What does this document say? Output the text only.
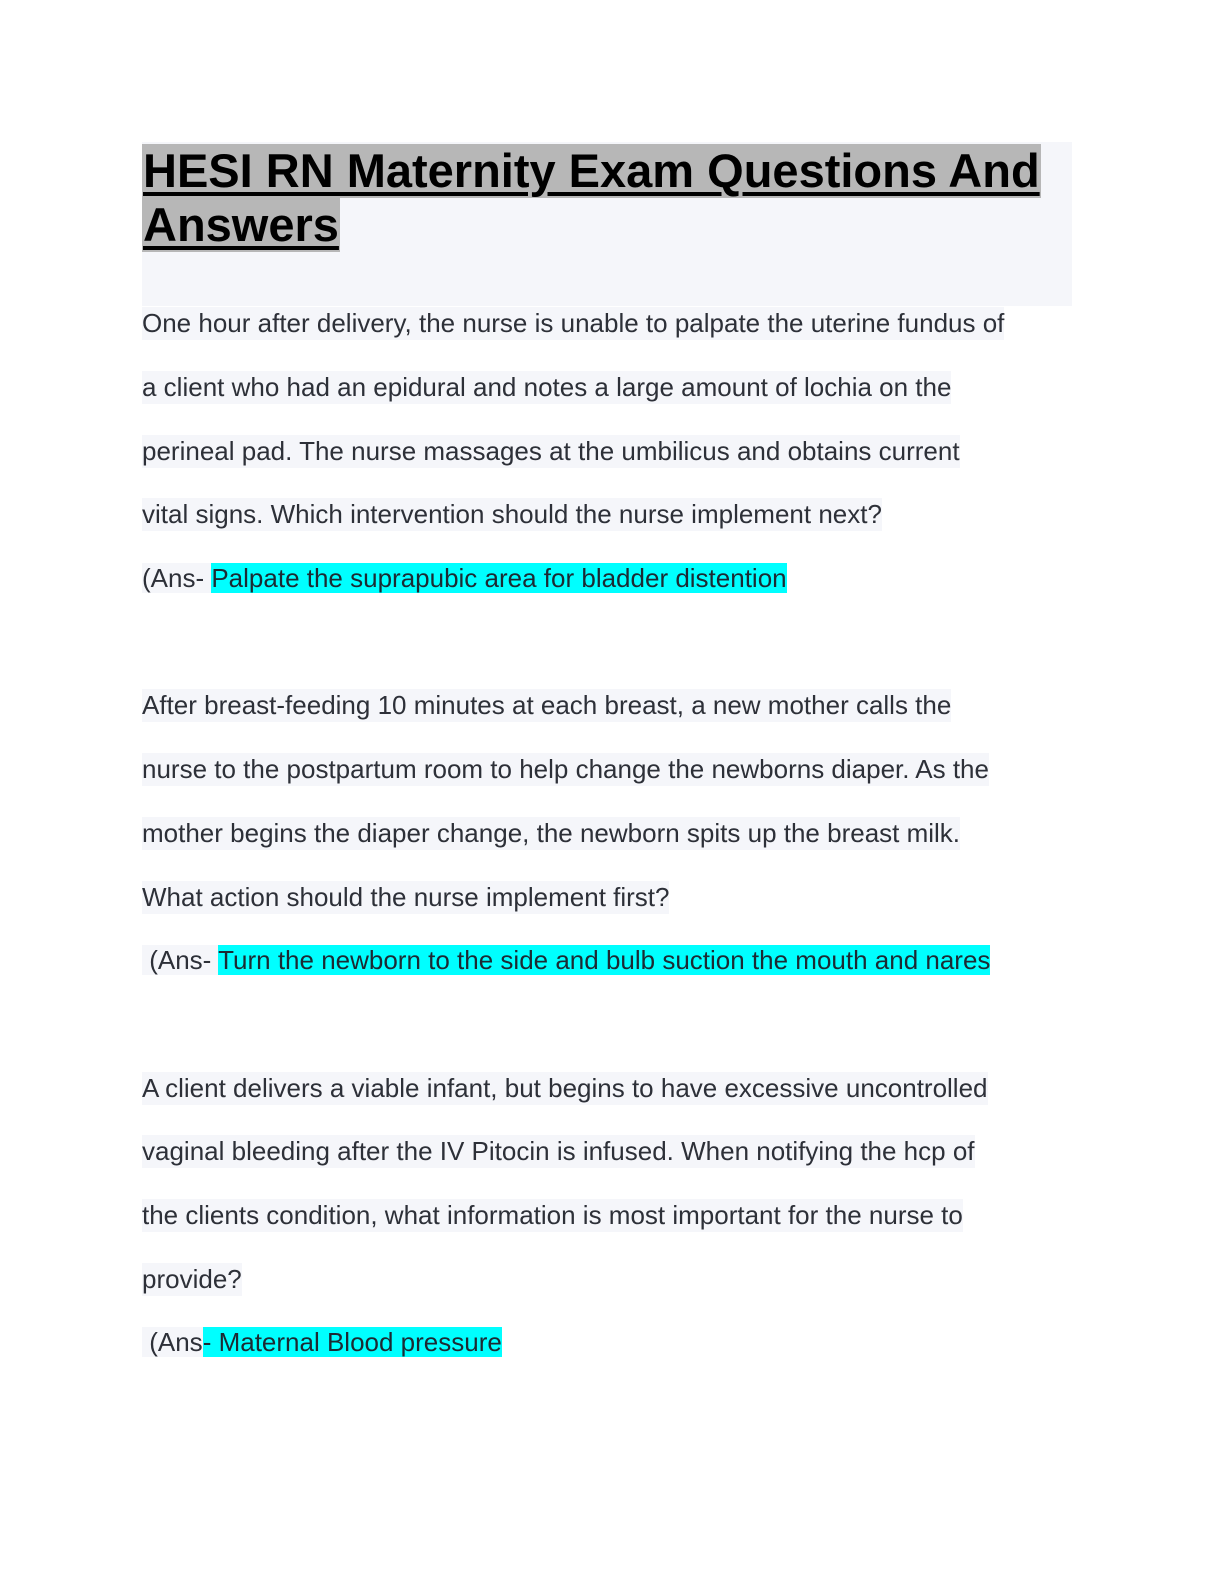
HESI RN Maternity Exam Questions And
Answers
One hour after delivery, the nurse is unable to palpate the uterine fundus of
a client who had an epidural and notes a large amount of lochia on the
perineal pad. The nurse massages at the umbilicus and obtains current
vital signs. Which intervention should the nurse implement next?
(Ans- Palpate the suprapubic area for bladder distention
After breast-feeding 10 minutes at each breast, a new mother calls the
nurse to the postpartum room to help change the newborns diaper. As the
mother begins the diaper change, the newborn spits up the breast milk.
What action should the nurse implement first?
(Ans- Turn the newborn to the side and bulb suction the mouth and nares
A client delivers a viable infant, but begins to have excessive uncontrolled
vaginal bleeding after the IV Pitocin is infused. When notifying the hcp of
the clients condition, what information is most important for the nurse to
provide?
(Ans- Maternal Blood pressure
